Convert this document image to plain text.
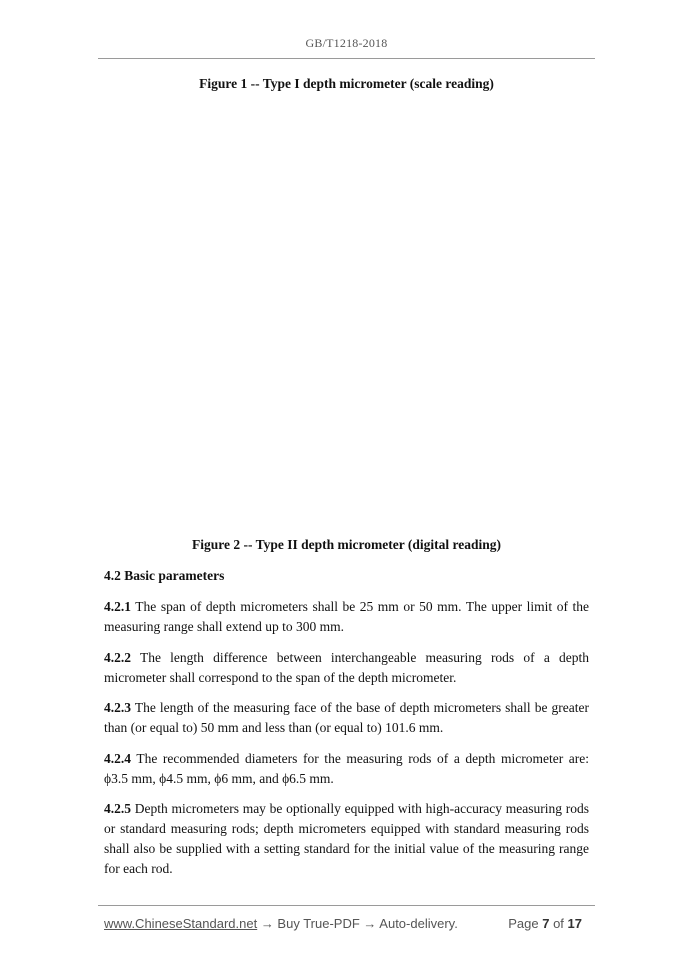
GB/T1218-2018
Figure 1 -- Type I depth micrometer (scale reading)
Figure 2 -- Type II depth micrometer (digital reading)
4.2 Basic parameters
4.2.1 The span of depth micrometers shall be 25 mm or 50 mm. The upper limit of the measuring range shall extend up to 300 mm.
4.2.2 The length difference between interchangeable measuring rods of a depth micrometer shall correspond to the span of the depth micrometer.
4.2.3 The length of the measuring face of the base of depth micrometers shall be greater than (or equal to) 50 mm and less than (or equal to) 101.6 mm.
4.2.4 The recommended diameters for the measuring rods of a depth micrometer are: ϕ3.5 mm, ϕ4.5 mm, ϕ6 mm, and ϕ6.5 mm.
4.2.5 Depth micrometers may be optionally equipped with high-accuracy measuring rods or standard measuring rods; depth micrometers equipped with standard measuring rods shall also be supplied with a setting standard for the initial value of the measuring range for each rod.
www.ChineseStandard.net → Buy True-PDF → Auto-delivery.	Page 7 of 17
